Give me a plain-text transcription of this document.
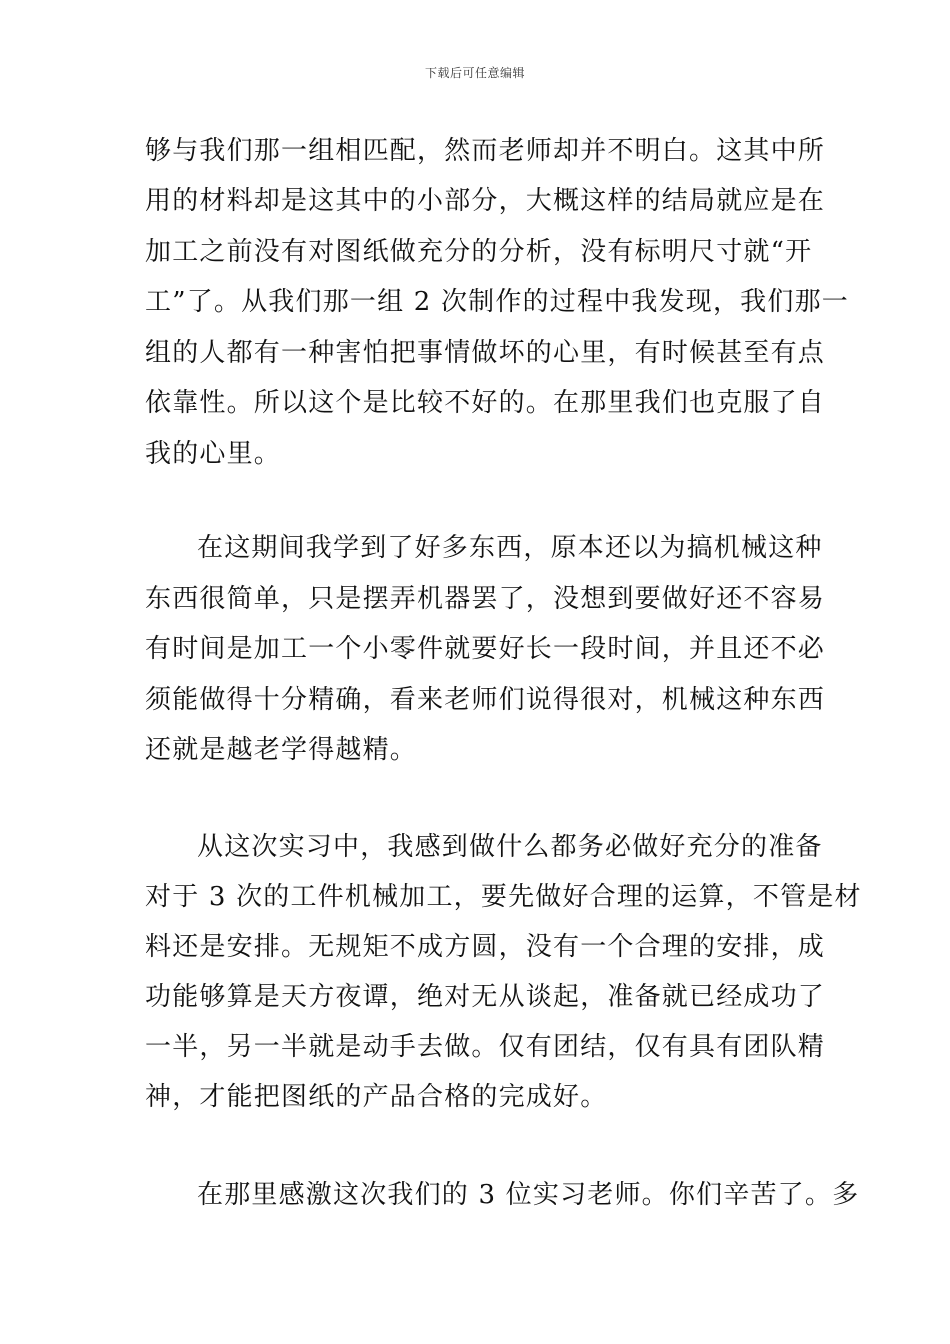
下载后可任意编辑
够与我们那一组相匹配，然而老师却并不明白。这其中所
用的材料却是这其中的小部分，大概这样的结局就应是在
加工之前没有对图纸做充分的分析，没有标明尺寸就“开
工”了。从我们那一组 2 次制作的过程中我发现，我们那一
组的人都有一种害怕把事情做坏的心里，有时候甚至有点
依靠性。所以这个是比较不好的。在那里我们也克服了自
我的心里。
在这期间我学到了好多东西，原本还以为搞机械这种
东西很简单，只是摆弄机器罢了，没想到要做好还不容易
有时间是加工一个小零件就要好长一段时间，并且还不必
须能做得十分精确，看来老师们说得很对，机械这种东西
还就是越老学得越精。
从这次实习中，我感到做什么都务必做好充分的准备
对于 3 次的工件机械加工，要先做好合理的运算，不管是材
料还是安排。无规矩不成方圆，没有一个合理的安排，成
功能够算是天方夜谭，绝对无从谈起，准备就已经成功了
一半，另一半就是动手去做。仅有团结，仅有具有团队精
神，才能把图纸的产品合格的完成好。
在那里感激这次我们的 3 位实习老师。你们辛苦了。多
